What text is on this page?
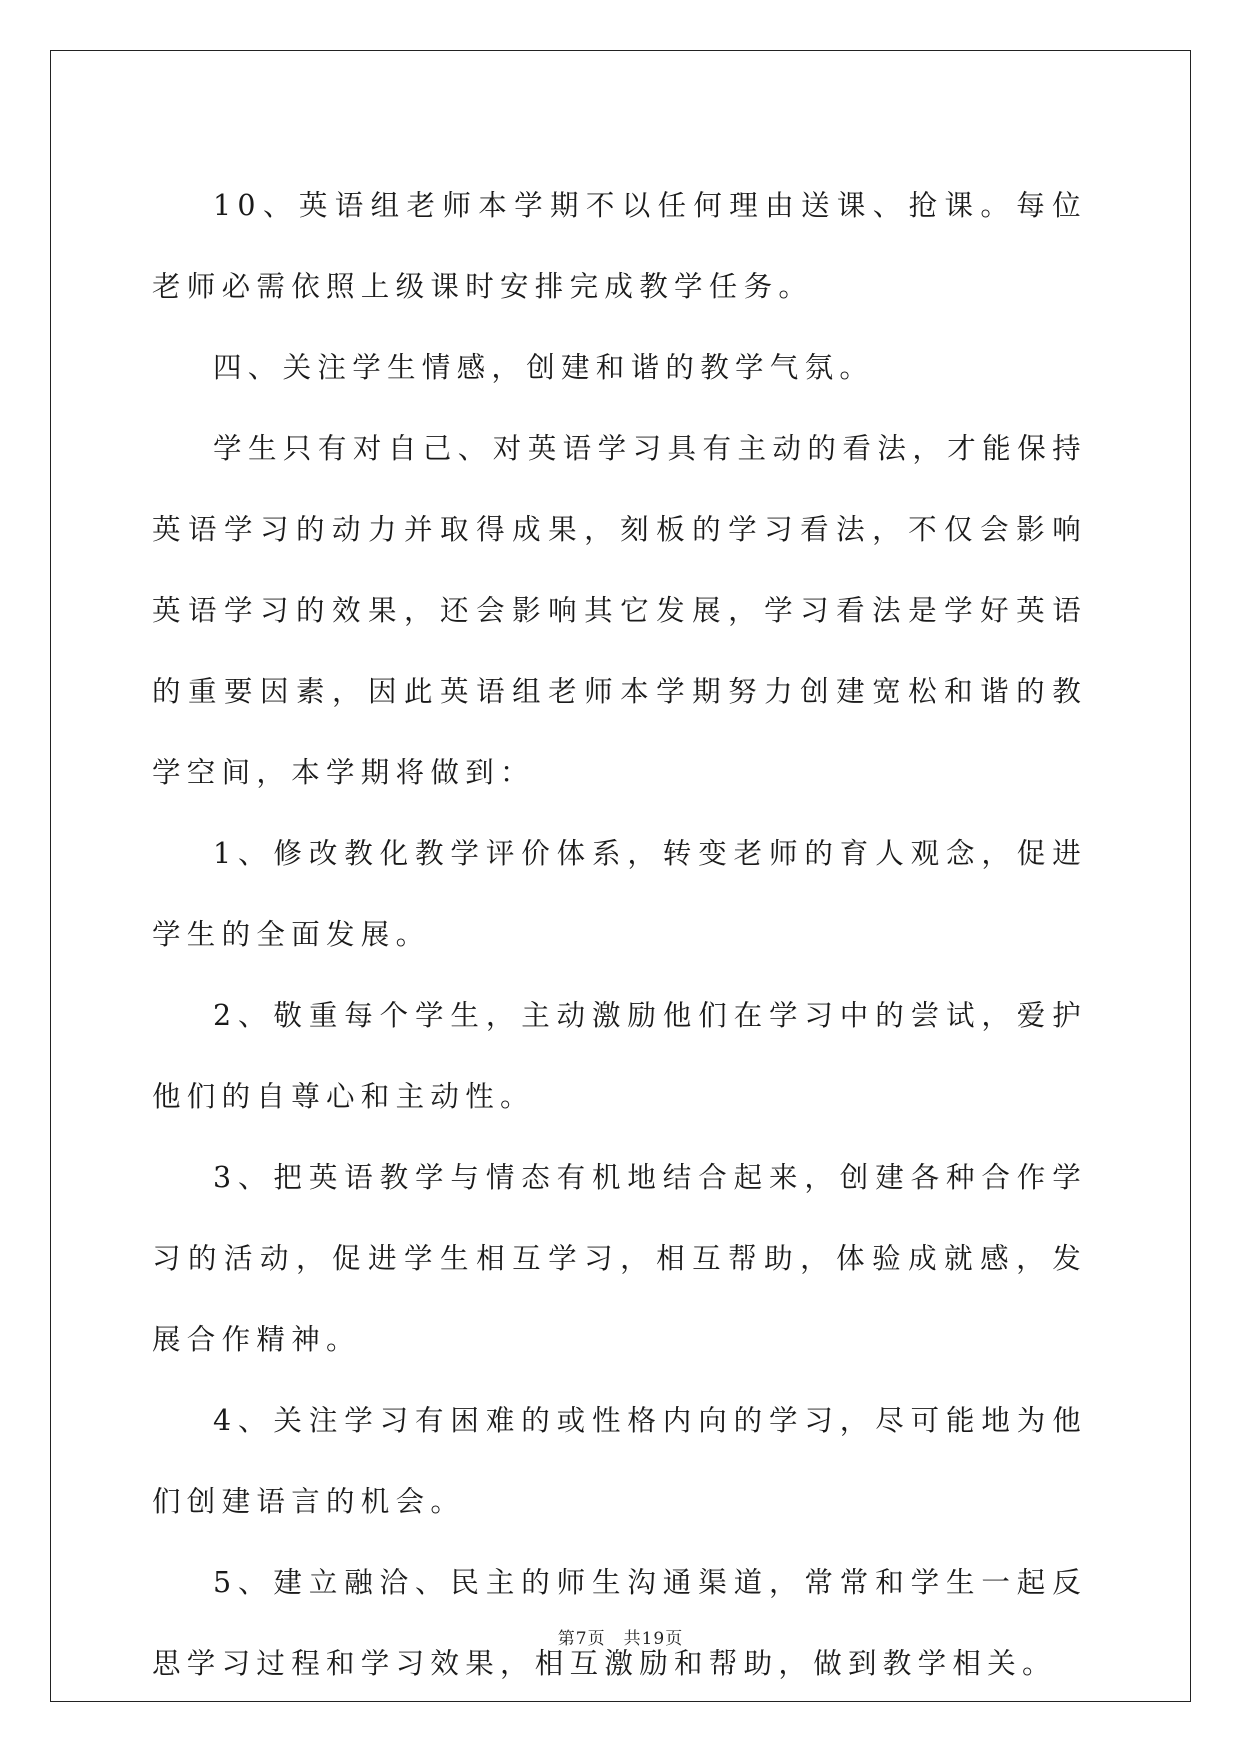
10、英语组老师本学期不以任何理由送课、抢课。每位老师必需依照上级课时安排完成教学任务。

四、关注学生情感，创建和谐的教学气氛。

学生只有对自己、对英语学习具有主动的看法，才能保持英语学习的动力并取得成果，刻板的学习看法，不仅会影响英语学习的效果，还会影响其它发展，学习看法是学好英语的重要因素，因此英语组老师本学期努力创建宽松和谐的教学空间，本学期将做到：

1、修改教化教学评价体系，转变老师的育人观念，促进学生的全面发展。

2、敬重每个学生，主动激励他们在学习中的尝试，爱护他们的自尊心和主动性。

3、把英语教学与情态有机地结合起来，创建各种合作学习的活动，促进学生相互学习，相互帮助，体验成就感，发展合作精神。

4、关注学习有困难的或性格内向的学习，尽可能地为他们创建语言的机会。

5、建立融洽、民主的师生沟通渠道，常常和学生一起反思学习过程和学习效果，相互激励和帮助，做到教学相关。

第7页 共19页
